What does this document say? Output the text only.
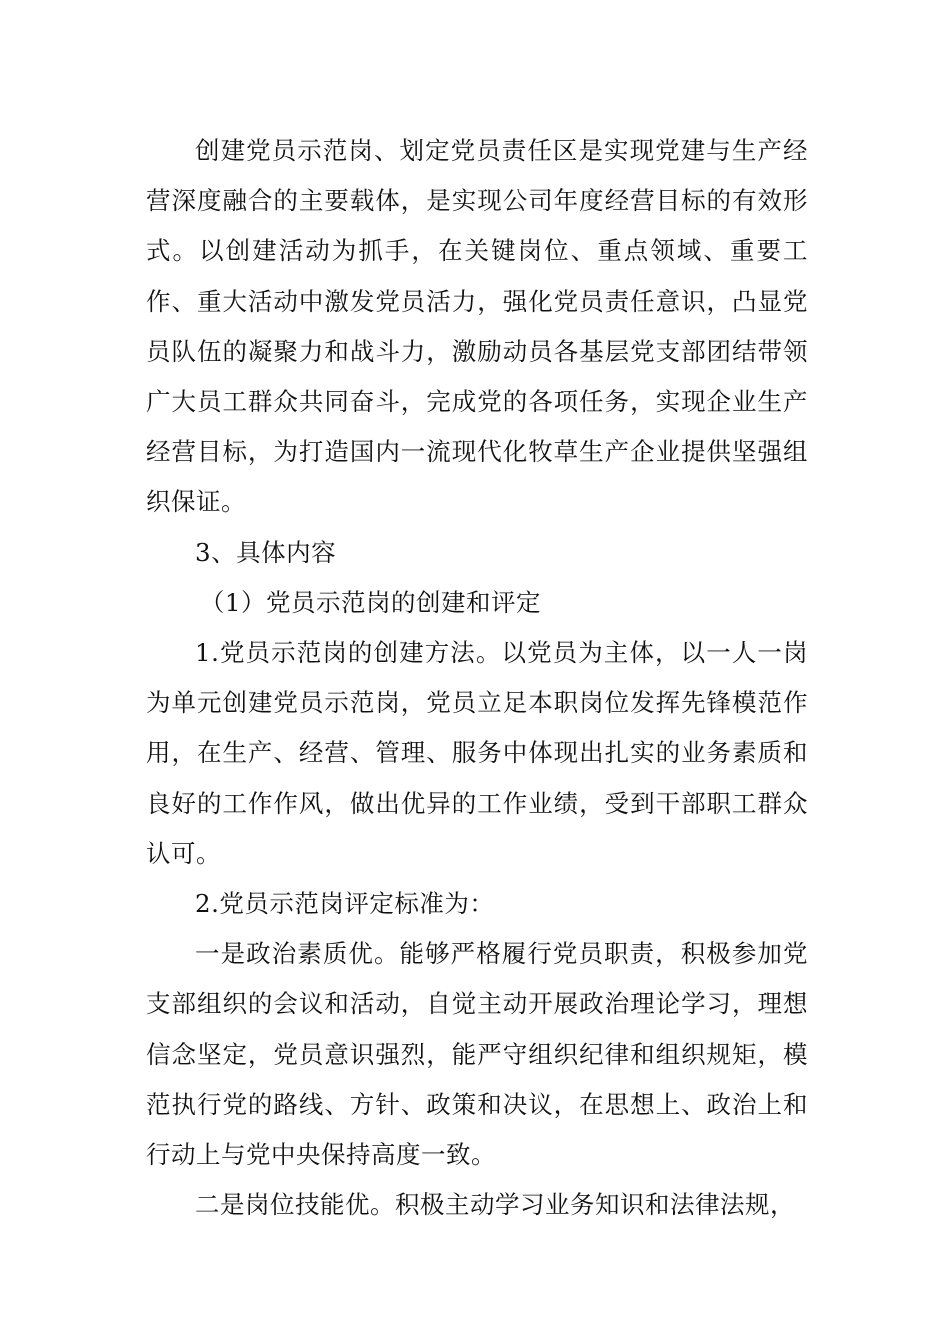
创建党员示范岗、划定党员责任区是实现党建与生产经营深度融合的主要载体，是实现公司年度经营目标的有效形式。以创建活动为抓手，在关键岗位、重点领域、重要工作、重大活动中激发党员活力，强化党员责任意识，凸显党员队伍的凝聚力和战斗力，激励动员各基层党支部团结带领广大员工群众共同奋斗，完成党的各项任务，实现企业生产经营目标，为打造国内一流现代化牧草生产企业提供坚强组织保证。

3、具体内容

（1）党员示范岗的创建和评定

1.党员示范岗的创建方法。以党员为主体，以一人一岗为单元创建党员示范岗，党员立足本职岗位发挥先锋模范作用，在生产、经营、管理、服务中体现出扎实的业务素质和良好的工作作风，做出优异的工作业绩，受到干部职工群众认可。

2.党员示范岗评定标准为：

一是政治素质优。能够严格履行党员职责，积极参加党支部组织的会议和活动，自觉主动开展政治理论学习，理想信念坚定，党员意识强烈，能严守组织纪律和组织规矩，模范执行党的路线、方针、政策和决议，在思想上、政治上和行动上与党中央保持高度一致。

二是岗位技能优。积极主动学习业务知识和法律法规，
